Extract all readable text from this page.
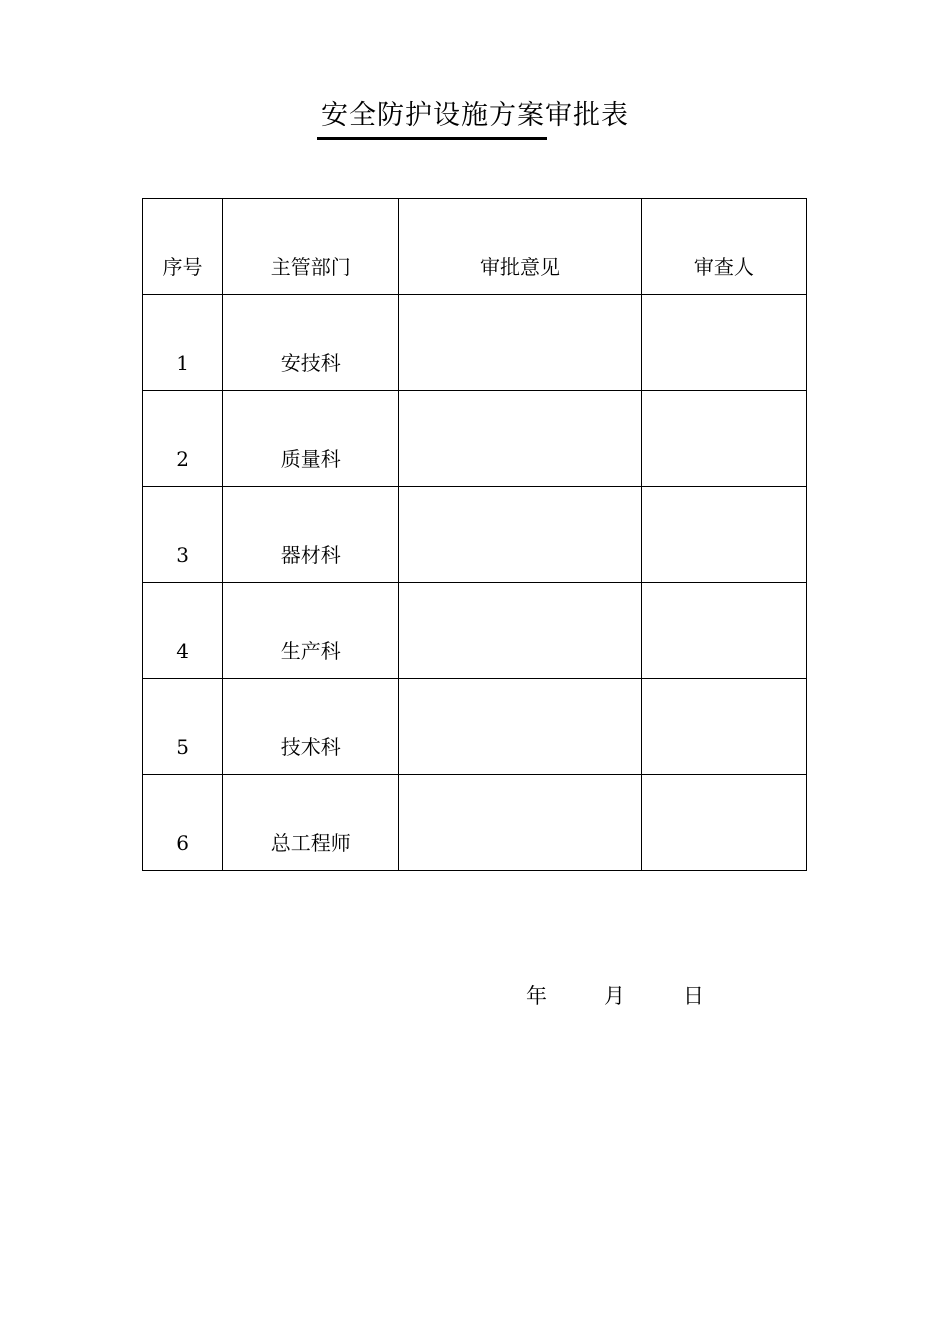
安全防护设施方案审批表
序号	主管部门	审批意见	审查人

1	安技科		

2	质量科		

3	器材科		

4	生产科		

5	技术科		

6	总工程师		

年	月	日
